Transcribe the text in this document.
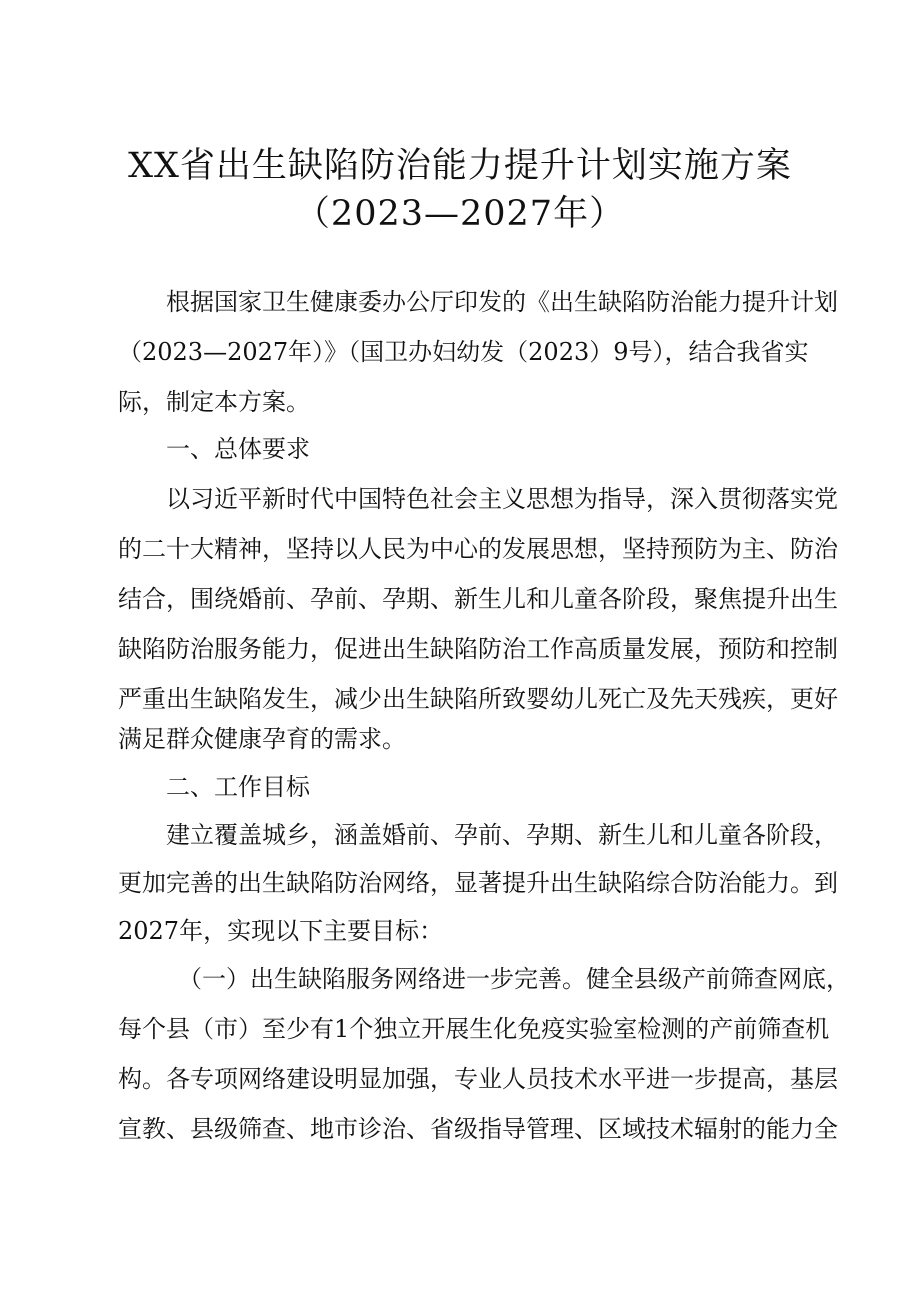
XX省出生缺陷防治能力提升计划实施方案
（2023—2027年）
根据国家卫生健康委办公厅印发的《出生缺陷防治能力提升计划
（2023—2027年）》（国卫办妇幼发（2023）9号），结合我省实
际，制定本方案。
一、总体要求
以习近平新时代中国特色社会主义思想为指导，深入贯彻落实党
的二十大精神，坚持以人民为中心的发展思想，坚持预防为主、防治
结合，围绕婚前、孕前、孕期、新生儿和儿童各阶段，聚焦提升出生
缺陷防治服务能力，促进出生缺陷防治工作高质量发展，预防和控制
严重出生缺陷发生，减少出生缺陷所致婴幼儿死亡及先天残疾，更好
满足群众健康孕育的需求。
二、工作目标
建立覆盖城乡，涵盖婚前、孕前、孕期、新生儿和儿童各阶段，
更加完善的出生缺陷防治网络，显著提升出生缺陷综合防治能力。到
2027年，实现以下主要目标：
（一）出生缺陷服务网络进一步完善。健全县级产前筛查网底，
每个县（市）至少有1个独立开展生化免疫实验室检测的产前筛查机
构。各专项网络建设明显加强，专业人员技术水平进一步提高，基层
宣教、县级筛查、地市诊治、省级指导管理、区域技术辐射的能力全
